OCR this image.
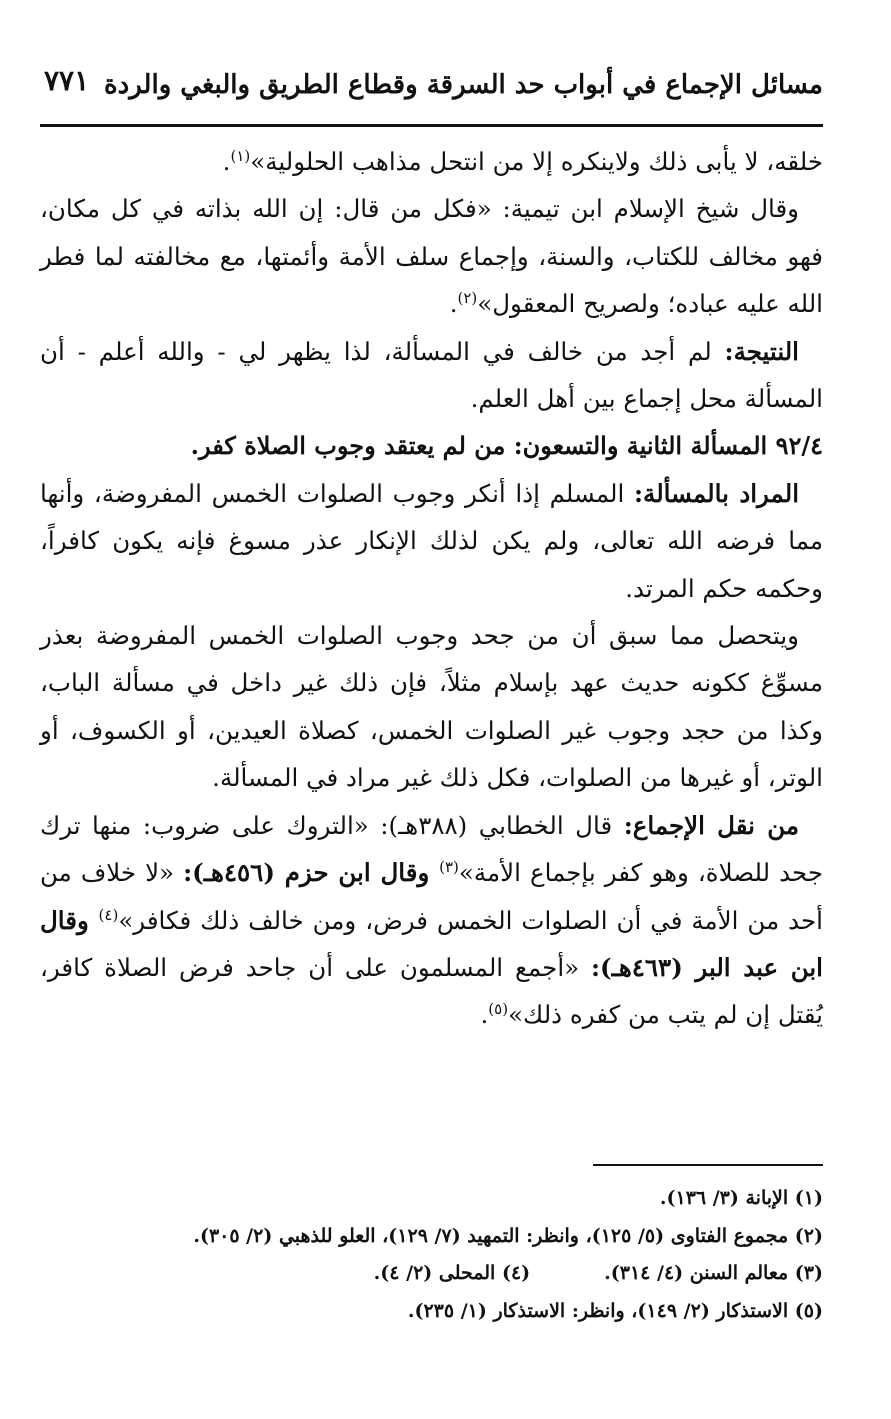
مسائل الإجماع في أبواب حد السرقة وقطاع الطريق والبغي والردة
٧٧١

خلقه، لا يأبى ذلك ولاينكره إلا من انتحل مذاهب الحلولية»$^{(١)}$.

وقال شيخ الإسلام ابن تيمية: «فكل من قال: إن الله بذاته في كل مكان، فهو مخالف للكتاب، والسنة، وإجماع سلف الأمة وأئمتها، مع مخالفته لما فطر الله عليه عباده؛ ولصريح المعقول»$^{(٢)}$.

النتيجة: لم أجد من خالف في المسألة، لذا يظهر لي - والله أعلم - أن المسألة محل إجماع بين أهل العلم.

٩٢/٤ المسألة الثانية والتسعون: من لم يعتقد وجوب الصلاة كفر.

المراد بالمسألة: المسلم إذا أنكر وجوب الصلوات الخمس المفروضة، وأنها مما فرضه الله تعالى، ولم يكن لذلك الإنكار عذر مسوغ فإنه يكون كافراً، وحكمه حكم المرتد.

ويتحصل مما سبق أن من جحد وجوب الصلوات الخمس المفروضة بعذر مسوِّغ ككونه حديث عهد بإسلام مثلاً، فإن ذلك غير داخل في مسألة الباب، وكذا من حجد وجوب غير الصلوات الخمس، كصلاة العيدين، أو الكسوف، أو الوتر، أو غيرها من الصلوات، فكل ذلك غير مراد في المسألة.

من نقل الإجماع: قال الخطابي (٣٨٨هـ): «التروك على ضروب: منها ترك جحد للصلاة، وهو كفر بإجماع الأمة»$^{(٣)}$ وقال ابن حزم (٤٥٦هـ): «لا خلاف من أحد من الأمة في أن الصلوات الخمس فرض، ومن خالف ذلك فكافر»$^{(٤)}$ وقال ابن عبد البر (٤٦٣هـ): «أجمع المسلمون على أن جاحد فرض الصلاة كافر، يُقتل إن لم يتب من كفره ذلك»$^{(٥)}$.

(١) الإبانة (٣/ ١٣٦).
(٢) مجموع الفتاوى (٥/ ١٢٥)، وانظر: التمهيد (٧/ ١٢٩)، العلو للذهبي (٢/ ٣٠٥).
(٣) معالم السنن (٤/ ٣١٤).
(٤) المحلى (٢/ ٤).
(٥) الاستذكار (٢/ ١٤٩)، وانظر: الاستذكار (١/ ٢٣٥).
